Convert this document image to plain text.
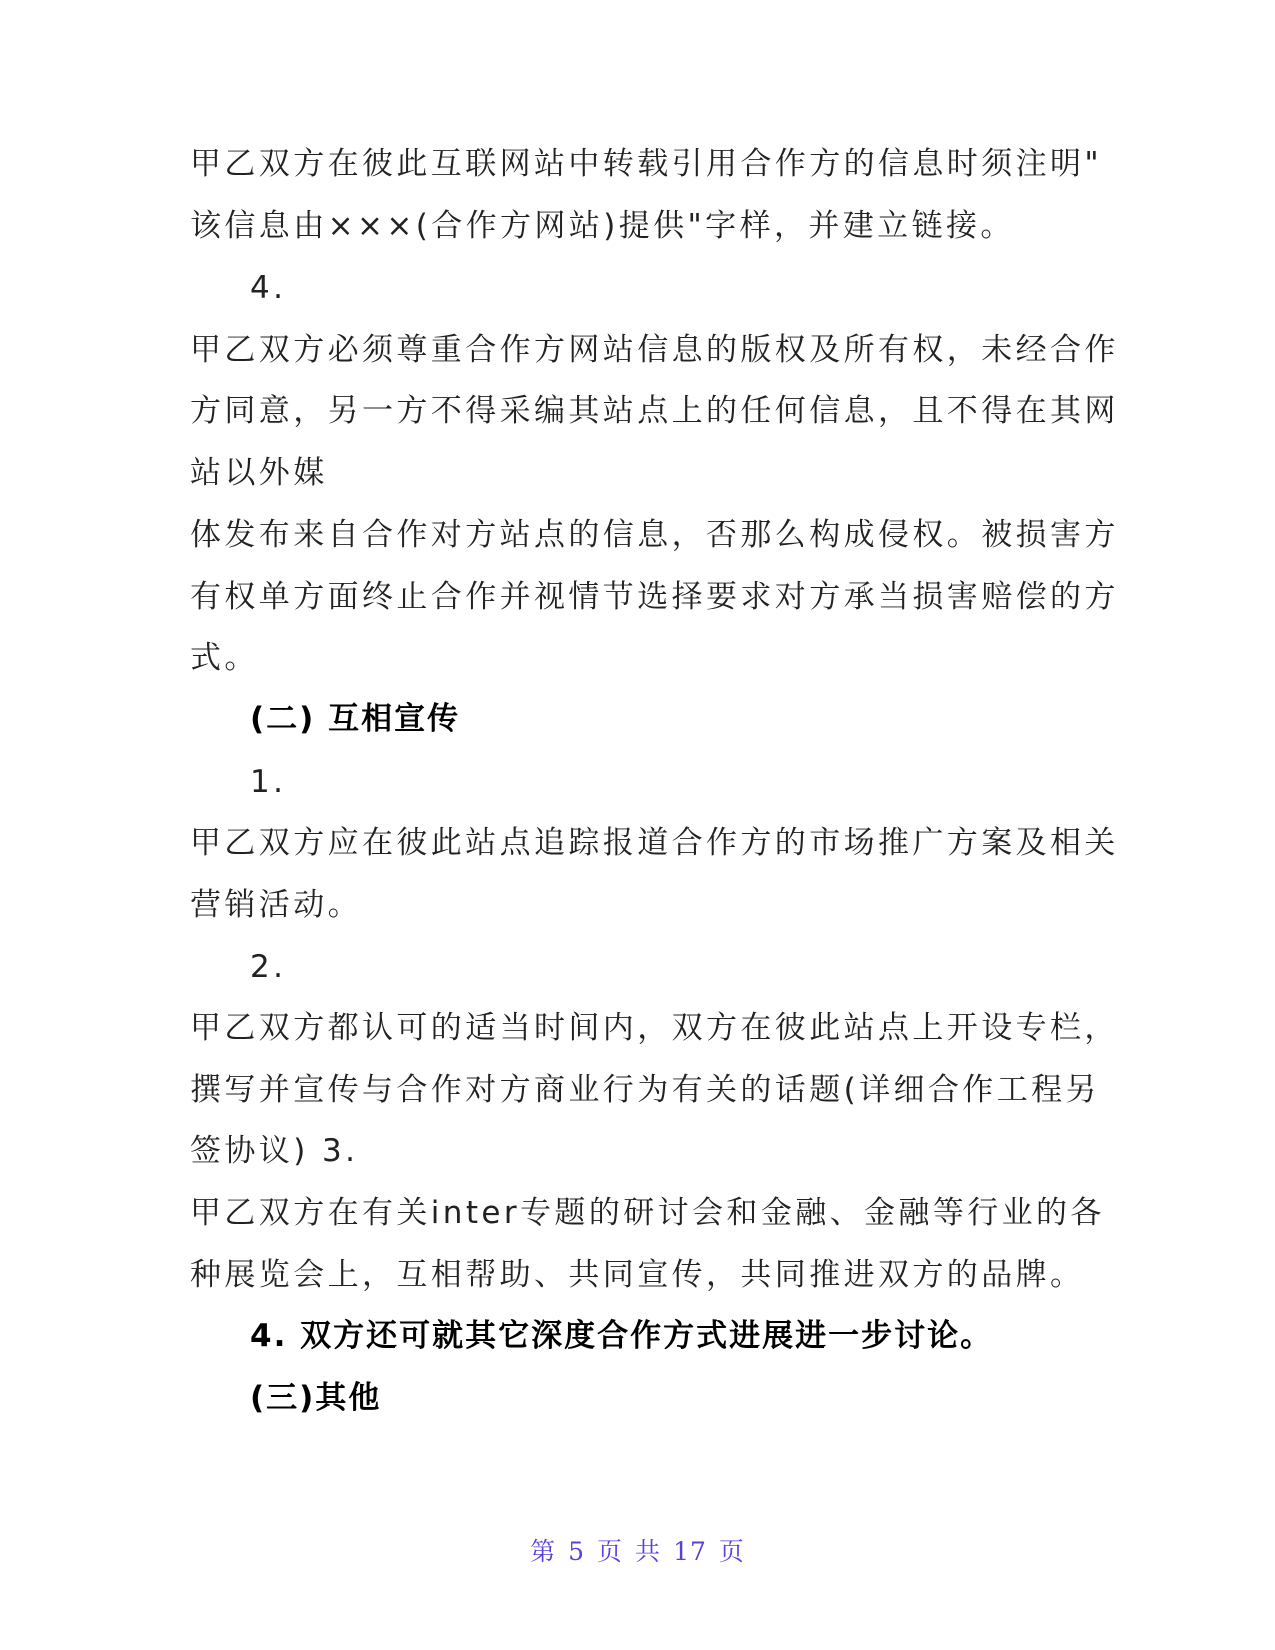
甲乙双方在彼此互联网站中转载引用合作方的信息时须注明"
该信息由×××(合作方网站)提供"字样，并建立链接。
4.
甲乙双方必须尊重合作方网站信息的版权及所有权，未经合作
方同意，另一方不得采编其站点上的任何信息，且不得在其网
站以外媒
体发布来自合作对方站点的信息，否那么构成侵权。被损害方
有权单方面终止合作并视情节选择要求对方承当损害赔偿的方
式。
(二) 互相宣传
1.
甲乙双方应在彼此站点追踪报道合作方的市场推广方案及相关
营销活动。
2.
甲乙双方都认可的适当时间内，双方在彼此站点上开设专栏，
撰写并宣传与合作对方商业行为有关的话题(详细合作工程另
签协议) 3.
甲乙双方在有关inter专题的研讨会和金融、金融等行业的各
种展览会上，互相帮助、共同宣传，共同推进双方的品牌。
4. 双方还可就其它深度合作方式进展进一步讨论。
(三)其他
第 5 页 共 17 页
